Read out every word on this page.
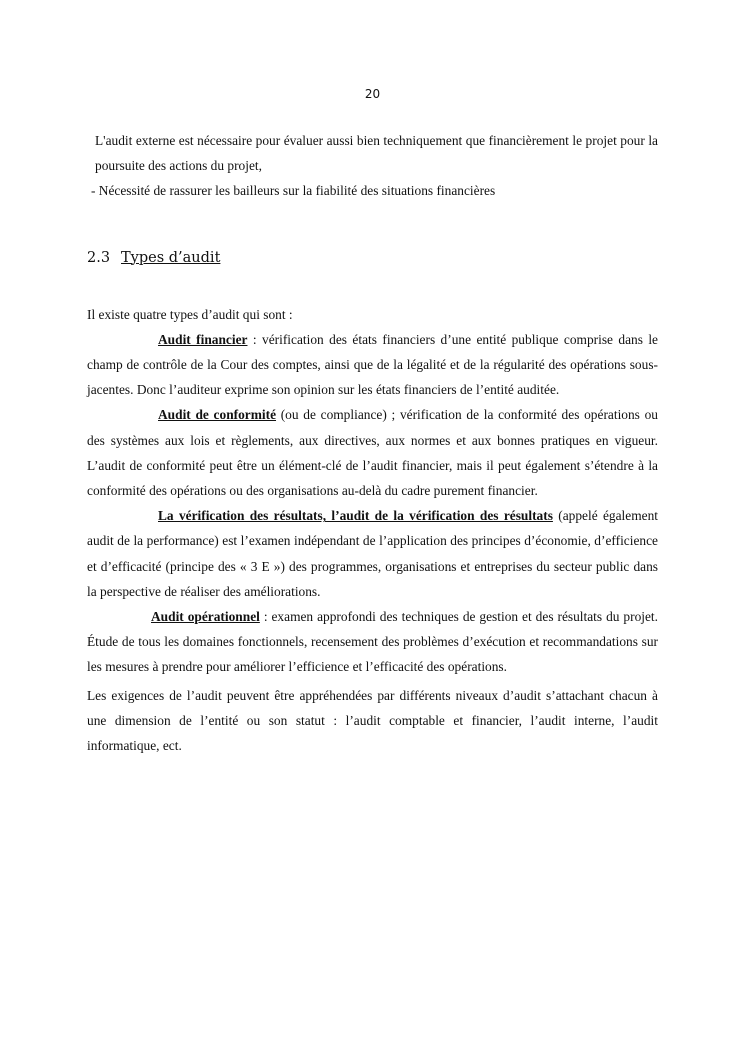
20

L'audit externe est nécessaire pour évaluer aussi bien techniquement que financièrement le projet pour la poursuite des actions du projet,

- Nécessité de rassurer les bailleurs sur la fiabilité des situations financières

2.3 Types d’audit

Il existe quatre types d’audit qui sont :

Audit financier : vérification des états financiers d’une entité publique comprise dans le champ de contrôle de la Cour des comptes, ainsi que de la légalité et de la régularité des opérations sous-jacentes. Donc l’auditeur exprime son opinion sur les états financiers de l’entité auditée.

Audit de conformité (ou de compliance) ; vérification de la conformité des opérations ou des systèmes aux lois et règlements, aux directives, aux normes et aux bonnes pratiques en vigueur. L’audit de conformité peut être un élément-clé de l’audit financier, mais il peut également s’étendre à la conformité des opérations ou des organisations au-delà du cadre purement financier.

La vérification des résultats, l’audit de la vérification des résultats (appelé également audit de la performance) est l’examen indépendant de l’application des principes d’économie, d’efficience et d’efficacité (principe des « 3 E ») des programmes, organisations et entreprises du secteur public dans la perspective de réaliser des améliorations.

Audit opérationnel : examen approfondi des techniques de gestion et des résultats du projet. Étude de tous les domaines fonctionnels, recensement des problèmes d’exécution et recommandations sur les mesures à prendre pour améliorer l’efficience et l’efficacité des opérations.

Les exigences de l’audit peuvent être appréhendées par différents niveaux d’audit s’attachant chacun à une dimension de l’entité ou son statut : l’audit comptable et financier, l’audit interne, l’audit informatique, ect.
